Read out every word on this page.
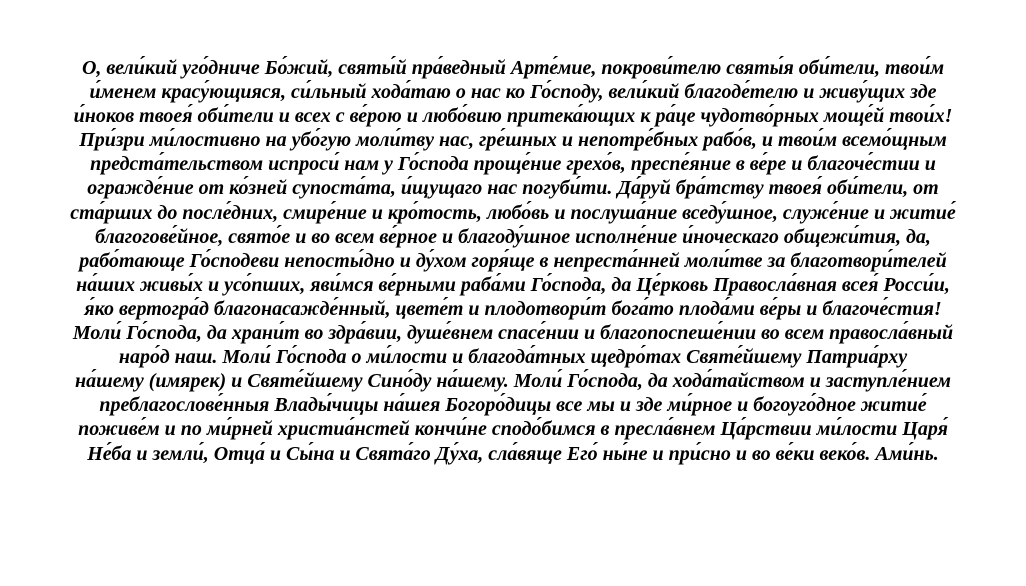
О, вели́кий уго́дниче Бо́жий, святы́й пра́ведный Арте́мие, покрови́телю святы́я оби́тели, твои́м
и́менем красу́ющияся, си́льный хода́таю о нас ко Го́споду, вели́кий благоде́телю и живу́щих зде
и́ноков твоея́ оби́тели и всех с ве́рою и любо́вию притека́ющих к ра́це чудотво́рных моще́й твои́х!
При́зри ми́лостивно на убо́гую моли́тву нас, гре́шных и непотре́бных рабо́в, и твои́м всемо́щным
предста́тельством испроси́ нам у Го́спода проще́ние грехо́в, преспе́яние в ве́ре и благоче́стии и
огражде́ние от ко́зней супоста́та, и́щущаго нас погуби́ти. Да́руй бра́тству твоея́ оби́тели, от
ста́рших до после́дних, смире́ние и кро́тость, любо́вь и послуша́ние вседу́шное, служе́ние и житие́
благогове́йное, свято́е и во всем ве́рное и благоду́шное исполне́ние и́ноческаго общежи́тия, да,
рабо́тающе Го́сподеви непосты́дно и ду́хом горя́ще в непреста́нней моли́тве за благотвори́телей
на́ших живы́х и усо́пших, яви́мся ве́рными раба́ми Го́спода, да Це́рковь Правосла́вная всея́ Росси́и,
я́ко вертогра́д благонасажде́нный, цвете́т и плодотвори́т бога́то плода́ми ве́ры и благоче́стия!
Моли́ Го́спода, да храни́т во здра́вии, душе́внем спасе́нии и благопоспеше́нии во всем правосла́вный
наро́д наш. Моли́ Го́спода о ми́лости и благода́тных щедро́тах Святе́йшему Патриа́рху
на́шему (имярек) и Святе́йшему Сино́ду на́шему. Моли́ Го́спода, да хода́тайством и заступле́нием
преблагослове́нныя Влады́чицы на́шея Богоро́дицы все мы и зде ми́рное и богоуго́дное житие́
поживе́м и по ми́рней христиа́нстей кончи́не сподо́бимся в пресла́внем Ца́рствии ми́лости Царя́
Не́ба и земли́, Отца́ и Сы́на и Свята́го Ду́ха, сла́вяще Его́ ны́не и при́сно и во ве́ки веко́в. Ами́нь.
